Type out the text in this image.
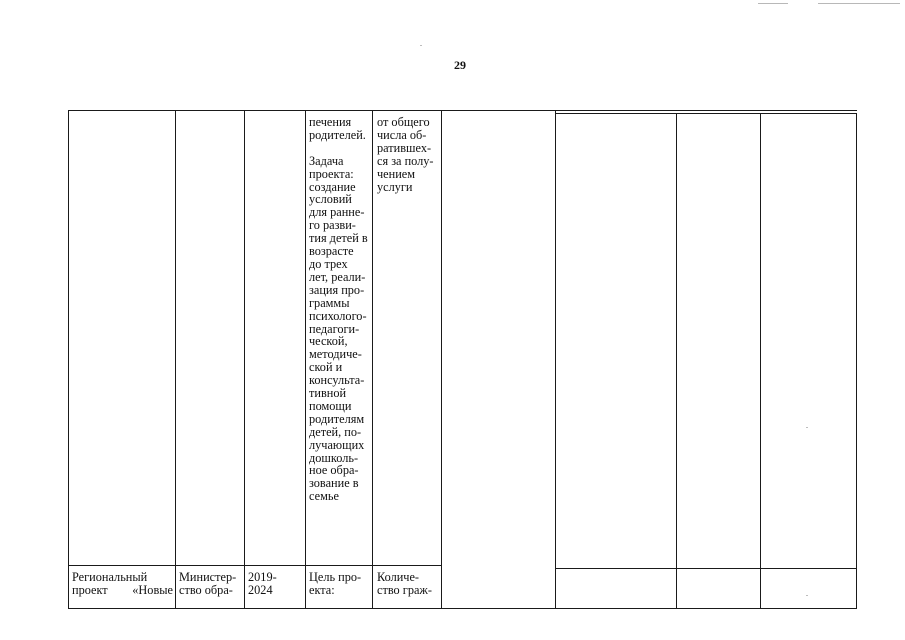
29
печения
родителей.

Задача
проекта:
создание
условий
для ранне-
го разви-
тия детей в
возрасте
до трех
лет, реали-
зация про-
граммы
психолого-
педагоги-
ческой,
методиче-
ской и
консульта-
тивной
помощи
родителям
детей, по-
лучающих
дошколь-
ное обра-
зование в
семье
от общего
числа об-
ратившех-
ся за полу-
чением
услуги
Региональный
проект «Новые
Министер-
ство обра-
2019-
2024
Цель про-
екта:
Количе-
ство граж-
